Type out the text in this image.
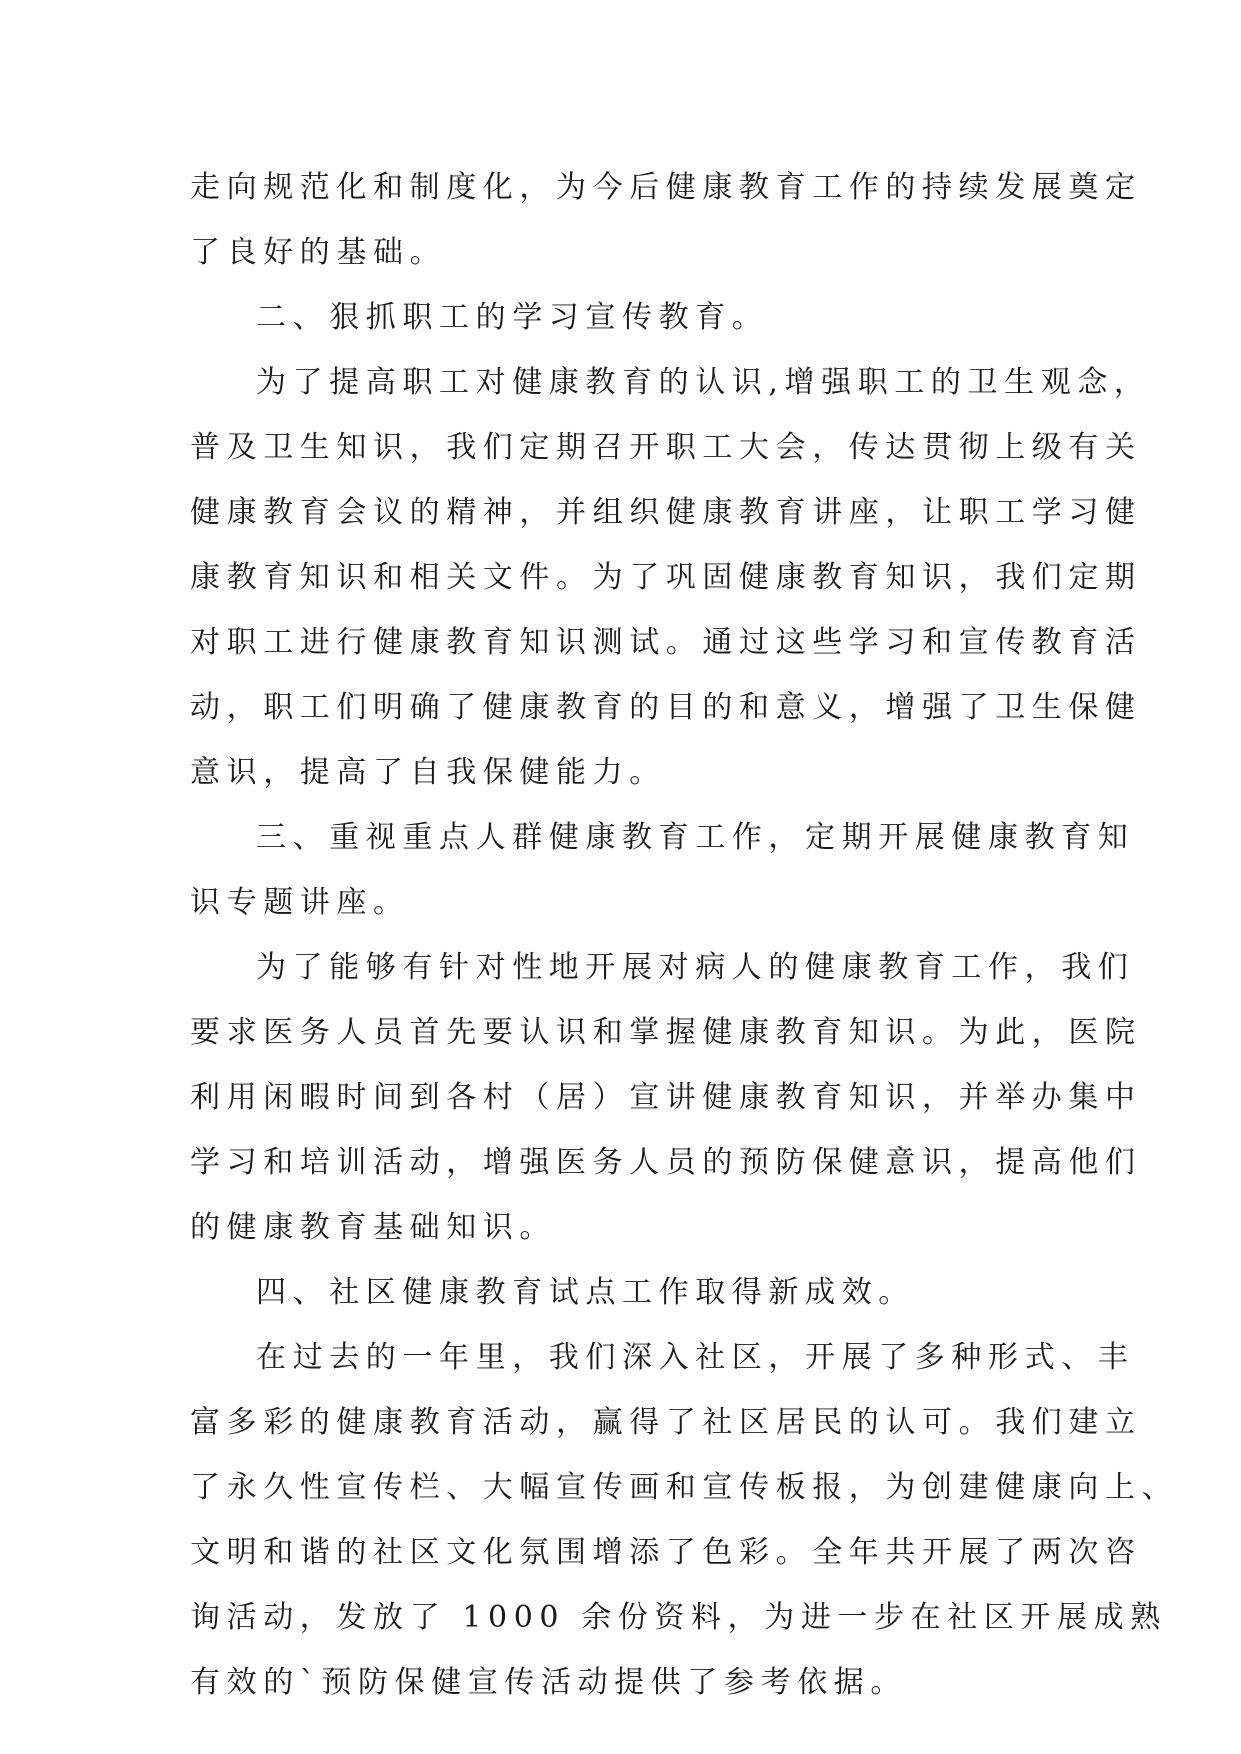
走向规范化和制度化，为今后健康教育工作的持续发展奠定
了良好的基础。
二、狠抓职工的学习宣传教育。
为了提高职工对健康教育的认识,增强职工的卫生观念，
普及卫生知识，我们定期召开职工大会，传达贯彻上级有关
健康教育会议的精神，并组织健康教育讲座，让职工学习健
康教育知识和相关文件。为了巩固健康教育知识，我们定期
对职工进行健康教育知识测试。通过这些学习和宣传教育活
动，职工们明确了健康教育的目的和意义，增强了卫生保健
意识，提高了自我保健能力。
三、重视重点人群健康教育工作，定期开展健康教育知
识专题讲座。
为了能够有针对性地开展对病人的健康教育工作，我们
要求医务人员首先要认识和掌握健康教育知识。为此，医院
利用闲暇时间到各村（居）宣讲健康教育知识，并举办集中
学习和培训活动，增强医务人员的预防保健意识，提高他们
的健康教育基础知识。
四、社区健康教育试点工作取得新成效。
在过去的一年里，我们深入社区，开展了多种形式、丰
富多彩的健康教育活动，赢得了社区居民的认可。我们建立
了永久性宣传栏、大幅宣传画和宣传板报，为创建健康向上、
文明和谐的社区文化氛围增添了色彩。全年共开展了两次咨
询活动，发放了 1000 余份资料，为进一步在社区开展成熟
有效的`预防保健宣传活动提供了参考依据。
